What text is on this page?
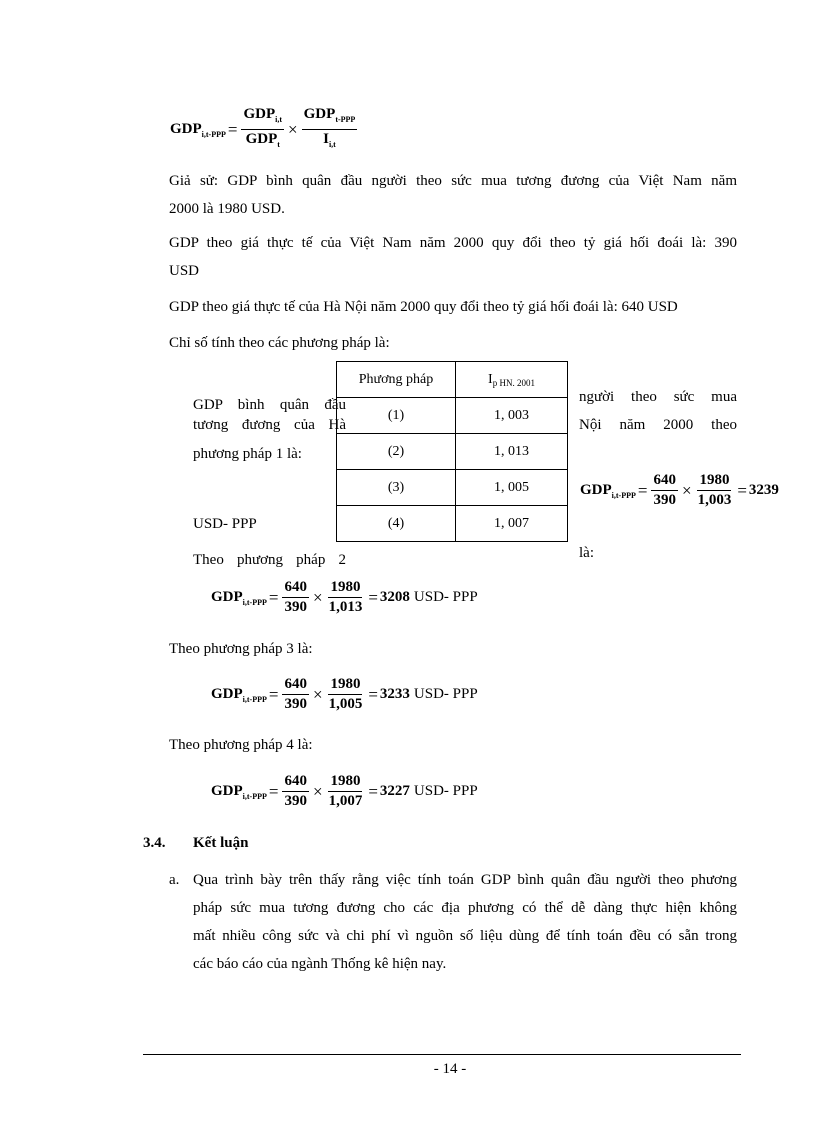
$GDP_{i,t-PPP} = \frac{GDP_{i,t}}{GDP_t} \times \frac{GDP_{t-PPP}}{I_{i,t}}$
Giả sử: GDP bình quân đầu người theo sức mua tương đương của Việt Nam năm
2000 là 1980 USD.
GDP theo giá thực tế của Việt Nam năm 2000 quy đổi theo tỷ giá hối đoái là: 390
USD
GDP theo giá thực tế của Hà Nội năm 2000 quy đổi theo tỷ giá hối đoái là: 640 USD
Chỉ số tính theo các phương pháp là:
GDP bình quân đầu	người theo sức mua
tương đương của Hà	Nội năm 2000 theo
phương pháp 1 là:
USD- PPP
Theo phương pháp 2	là:
Phương pháp	$I_{p HN. 2001}$
(1)	1, 003
(2)	1, 013
(3)	1, 005
(4)	1, 007
$GDP_{i,t-PPP} = \frac{640}{390} \times \frac{1980}{1,003} = 3239$
$GDP_{i,t-PPP} = \frac{640}{390} \times \frac{1980}{1,013} = 3208$ USD- PPP
Theo phương pháp 3 là:
$GDP_{i,t-PPP} = \frac{640}{390} \times \frac{1980}{1,005} = 3233$ USD- PPP
Theo phương pháp 4 là:
$GDP_{i,t-PPP} = \frac{640}{390} \times \frac{1980}{1,007} = 3227$ USD- PPP
3.4. Kết luận
a. Qua trình bày trên thấy rằng việc tính toán GDP bình quân đầu người theo phương
pháp sức mua tương đương cho các địa phương có thể dễ dàng thực hiện không
mất nhiều công sức và chi phí vì nguồn số liệu dùng để tính toán đều có sẵn trong
các báo cáo của ngành Thống kê hiện nay.
- 14 -
